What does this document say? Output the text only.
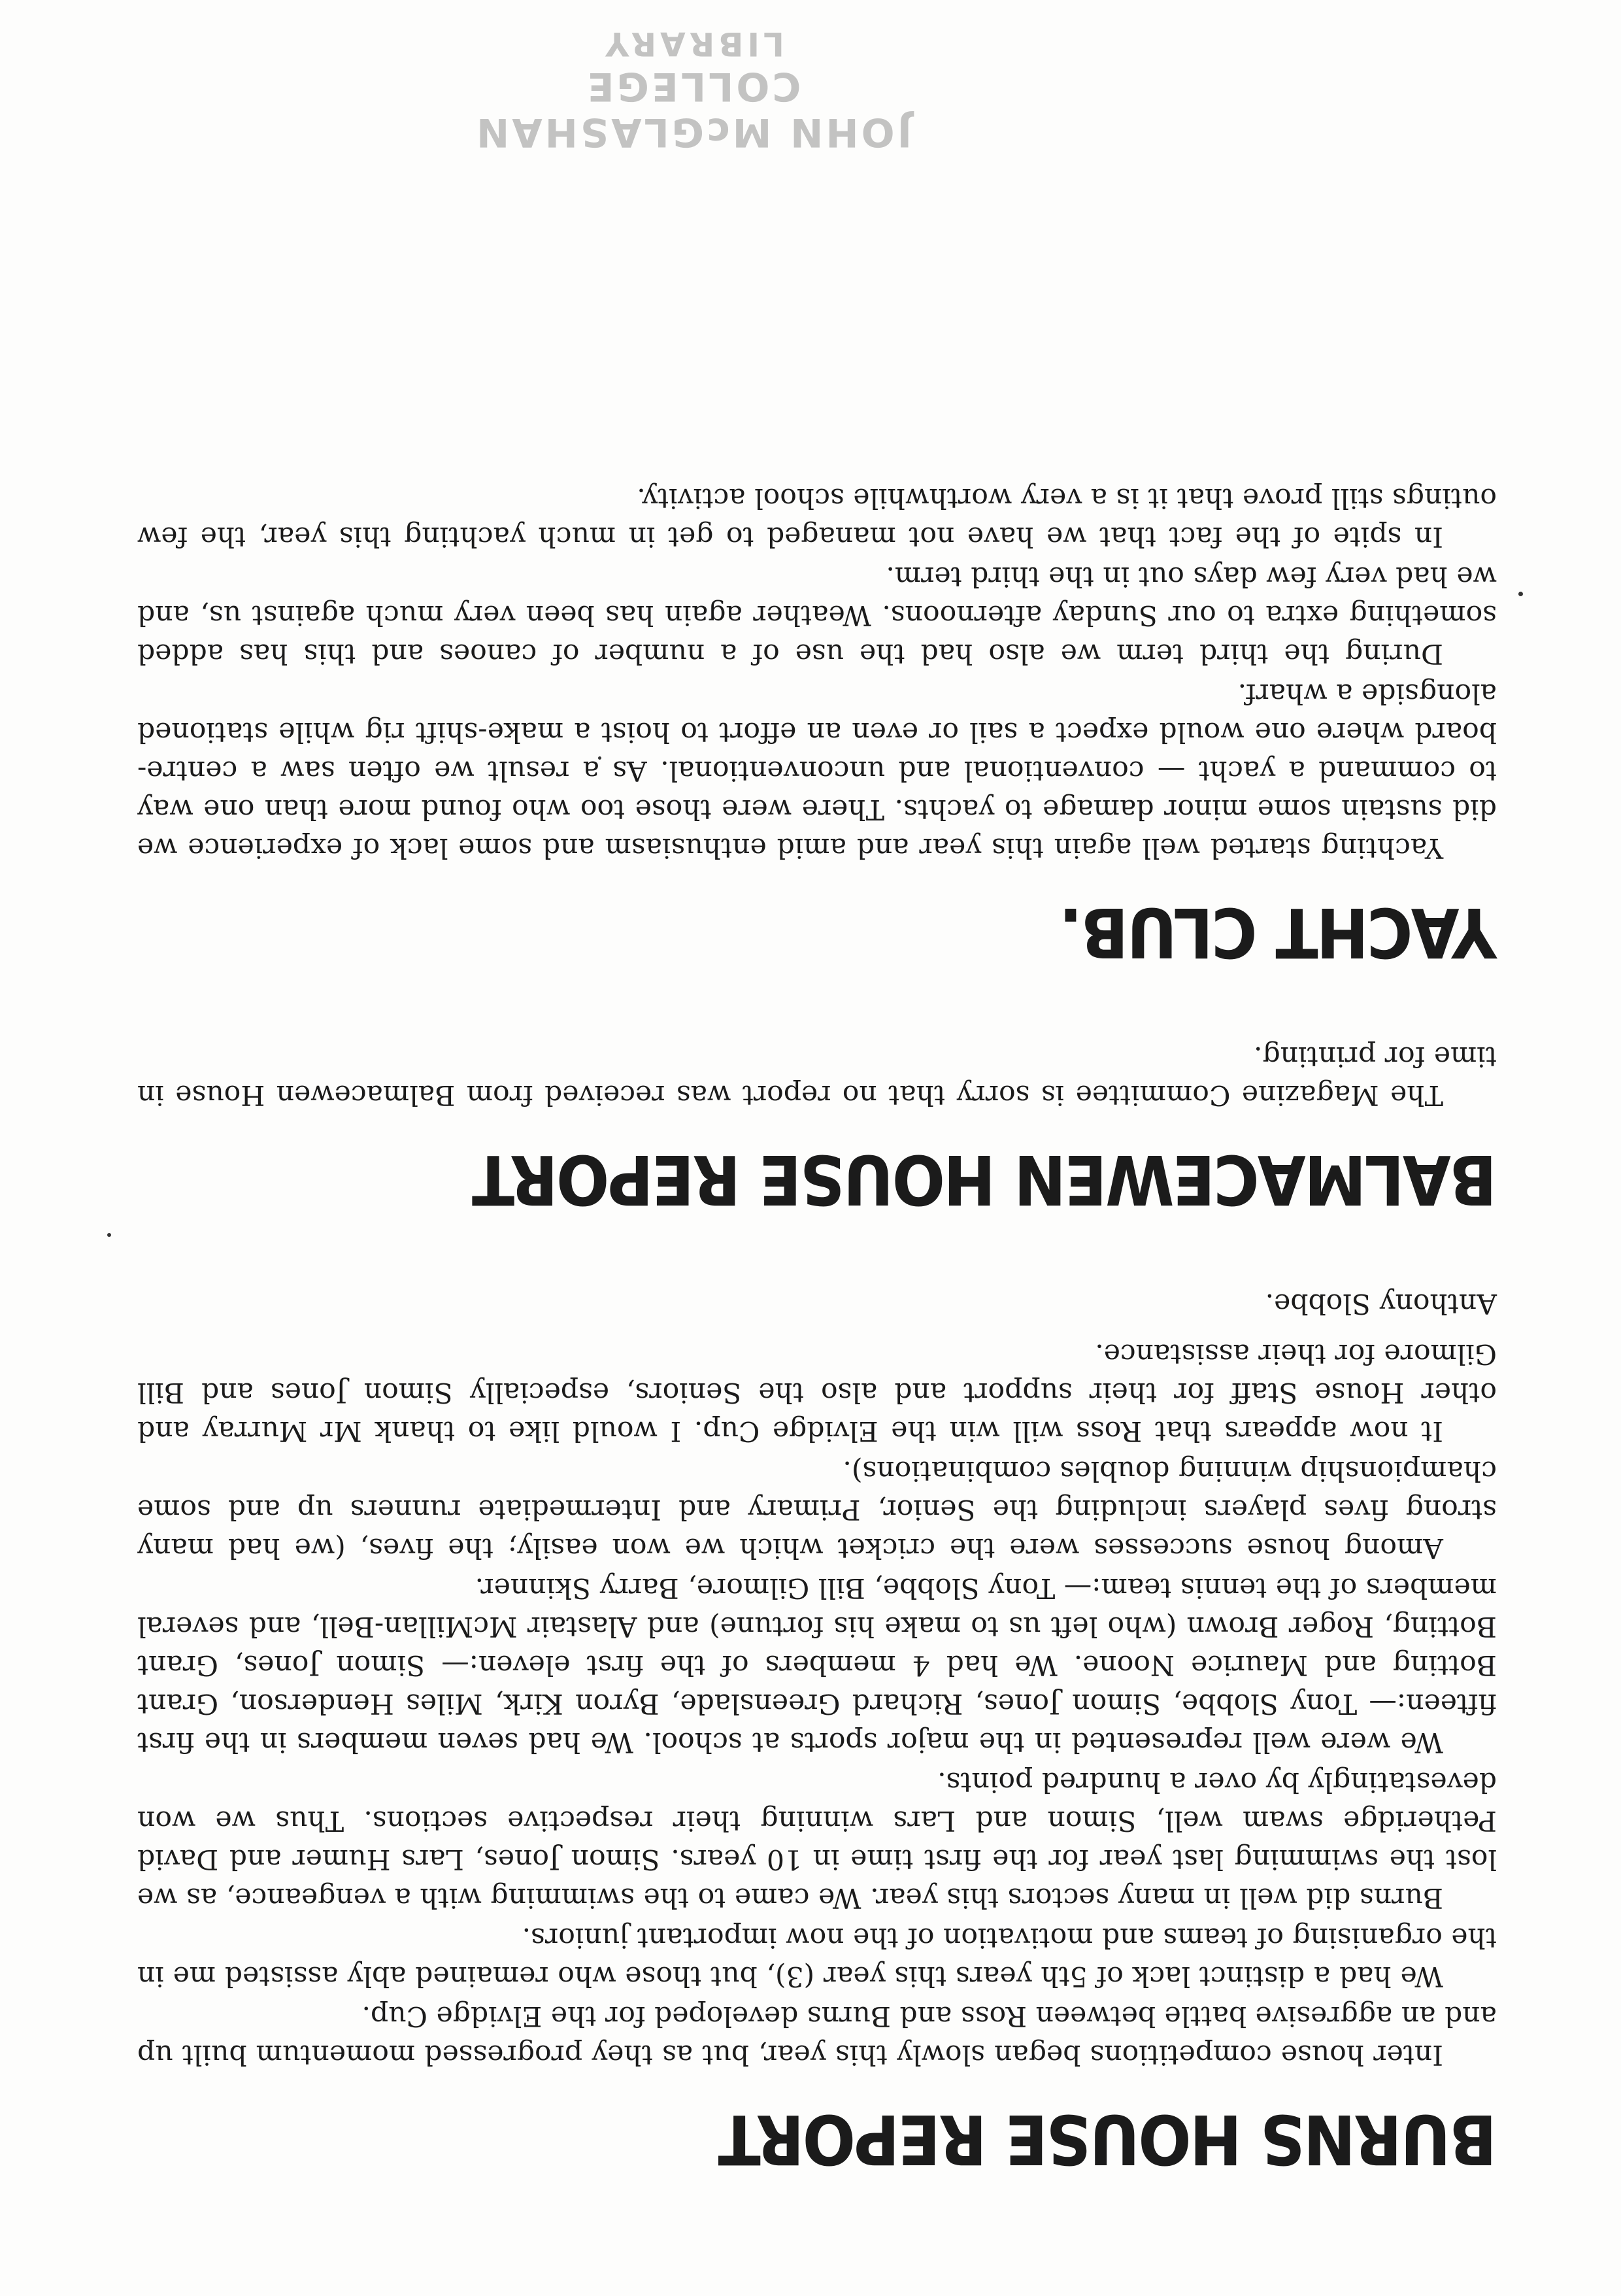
JOHN McGLASHAN COLLEGE
LIBRARY
BURNS HOUSE REPORT

Inter house competitions began slowly this year, but as they progressed momentum built up and an aggresive battle between Ross and Burns developed for the Elvidge Cup.

We had a distinct lack of 5th years this year (3), but those who remained ably assisted me in the organising of teams and motivation of the now important juniors.

Burns did well in many sectors this year. We came to the swimming with a vengeance, as we lost the swimming last year for the first time in 10 years. Simon Jones, Lars Humer and David Petheridge swam well, Simon and Lars winning their respective sections. Thus we won devestatingly by over a hundred points.

We were well represented in the major sports at school. We had seven members in the first fifteen:— Tony Slobbe, Simon Jones, Richard Greenslade, Byron Kirk, Miles Henderson, Grant Botting and Maurice Noone. We had 4 members of the first eleven:— Simon Jones, Grant Botting, Roger Brown (who left us to make his fortune) and Alastair McMillan-Bell, and several members of the tennis team:— Tony Slobbe, Bill Gilmore, Barry Skinner.

Among house successes were the cricket which we won easily; the fives, (we had many strong fives players including the Senior, Primary and Intermediate runners up and some championship winning doubles combinations).

It now appears that Ross will win the Elvidge Cup. I would like to thank Mr Murray and other House Staff for their support and also the Seniors, especially Simon Jones and Bill Gilmore for their assistance.

Anthony Slobbe.
BALMACEWEN HOUSE REPORT

The Magazine Committee is sorry that no report was received from Balmacewen House in time for printing.

YACHT CLUB.

Yachting started well again this year and amid enthusiasm and some lack of experience we did sustain some minor damage to yachts. There were those too who found more than one way to command a yacht — conventional and unconventional. As a result we often saw a centre-board where one would expect a sail or even an effort to hoist a make-shift rig while stationed alongside a wharf.

During the third term we also had the use of a number of canoes and this has added something extra to our Sunday afternoons. Weather again has been very much against us, and we had very few days out in the third term.

In spite of the fact that we have not managed to get in much yachting this year, the few outings still prove that it is a very worthwhile school activity.
